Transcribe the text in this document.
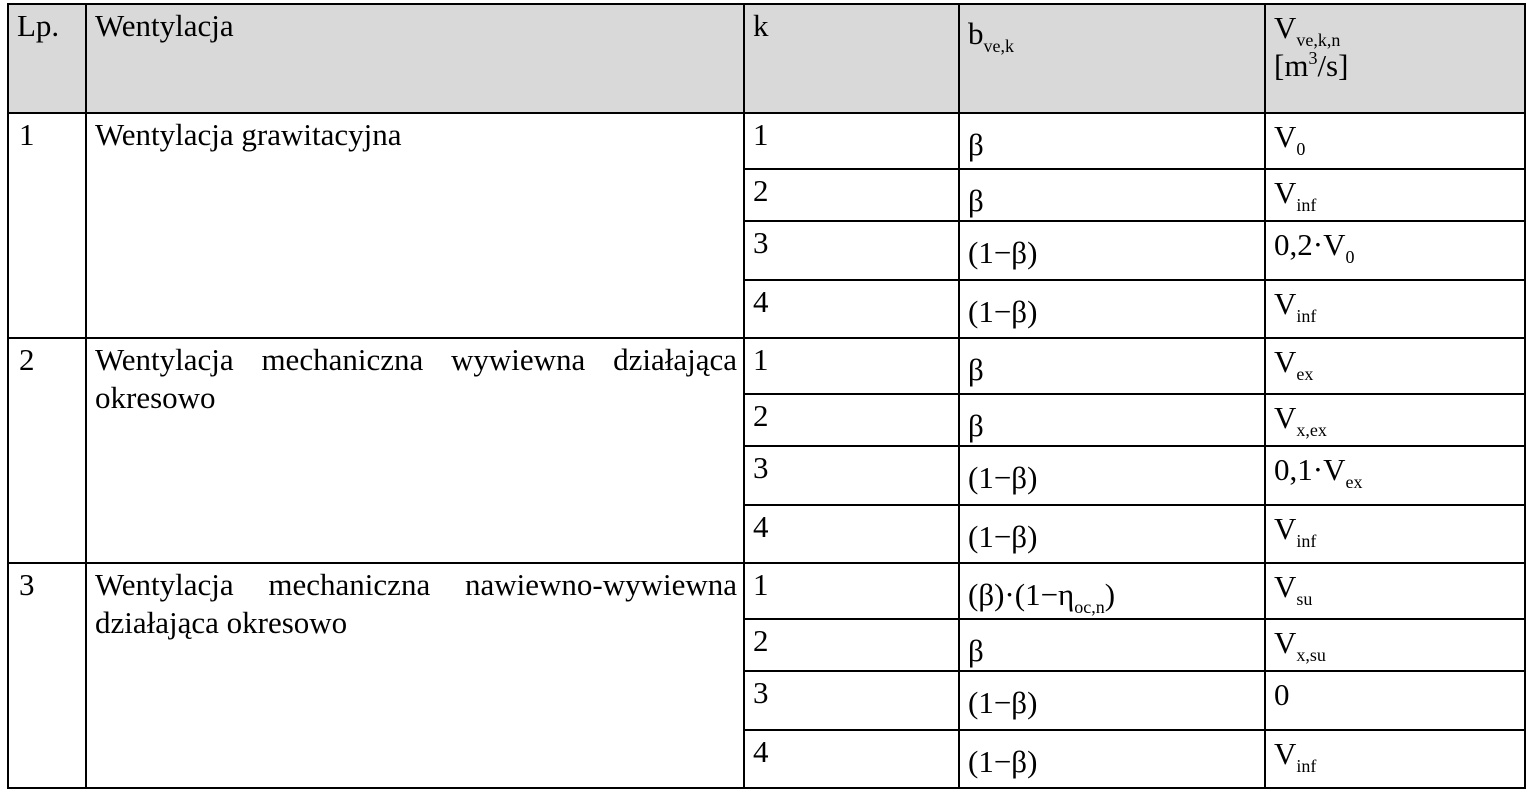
Lp.	Wentylacja	k	$b_{ve,k}$	$V_{ve,k,n}$
$[m^3/s]$
1	Wentylacja grawitacyjna	1	β	$V_0$
		2	β	$V_{inf}$
		3	(1−β)	$0,2\cdot V_0$
		4	(1−β)	$V_{inf}$
2	Wentylacja mechaniczna wywiewna działająca okresowo	1	β	$V_{ex}$
		2	β	$V_{x,ex}$
		3	(1−β)	$0,1\cdot V_{ex}$
		4	(1−β)	$V_{inf}$
3	Wentylacja mechaniczna nawiewno-wywiewna działająca okresowo	1	$(\beta)\cdot(1-\eta_{oc,n})$	$V_{su}$
		2	β	$V_{x,su}$
		3	(1−β)	0
		4	(1−β)	$V_{inf}$
